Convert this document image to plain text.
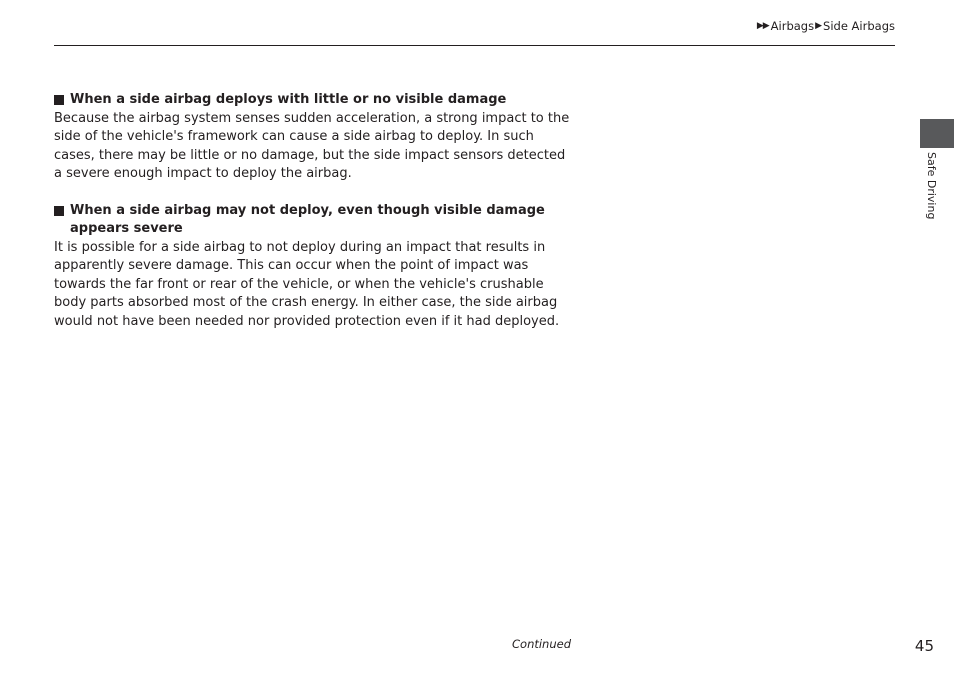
▶▶ Airbags ▶ Side Airbags
Safe Driving
When a side airbag deploys with little or no visible damage

Because the airbag system senses sudden acceleration, a strong impact to the side of the vehicle's framework can cause a side airbag to deploy. In such cases, there may be little or no damage, but the side impact sensors detected a severe enough impact to deploy the airbag.

When a side airbag may not deploy, even though visible damage appears severe

It is possible for a side airbag to not deploy during an impact that results in apparently severe damage. This can occur when the point of impact was towards the far front or rear of the vehicle, or when the vehicle's crushable body parts absorbed most of the crash energy. In either case, the side airbag would not have been needed nor provided protection even if it had deployed.

Continued	45
